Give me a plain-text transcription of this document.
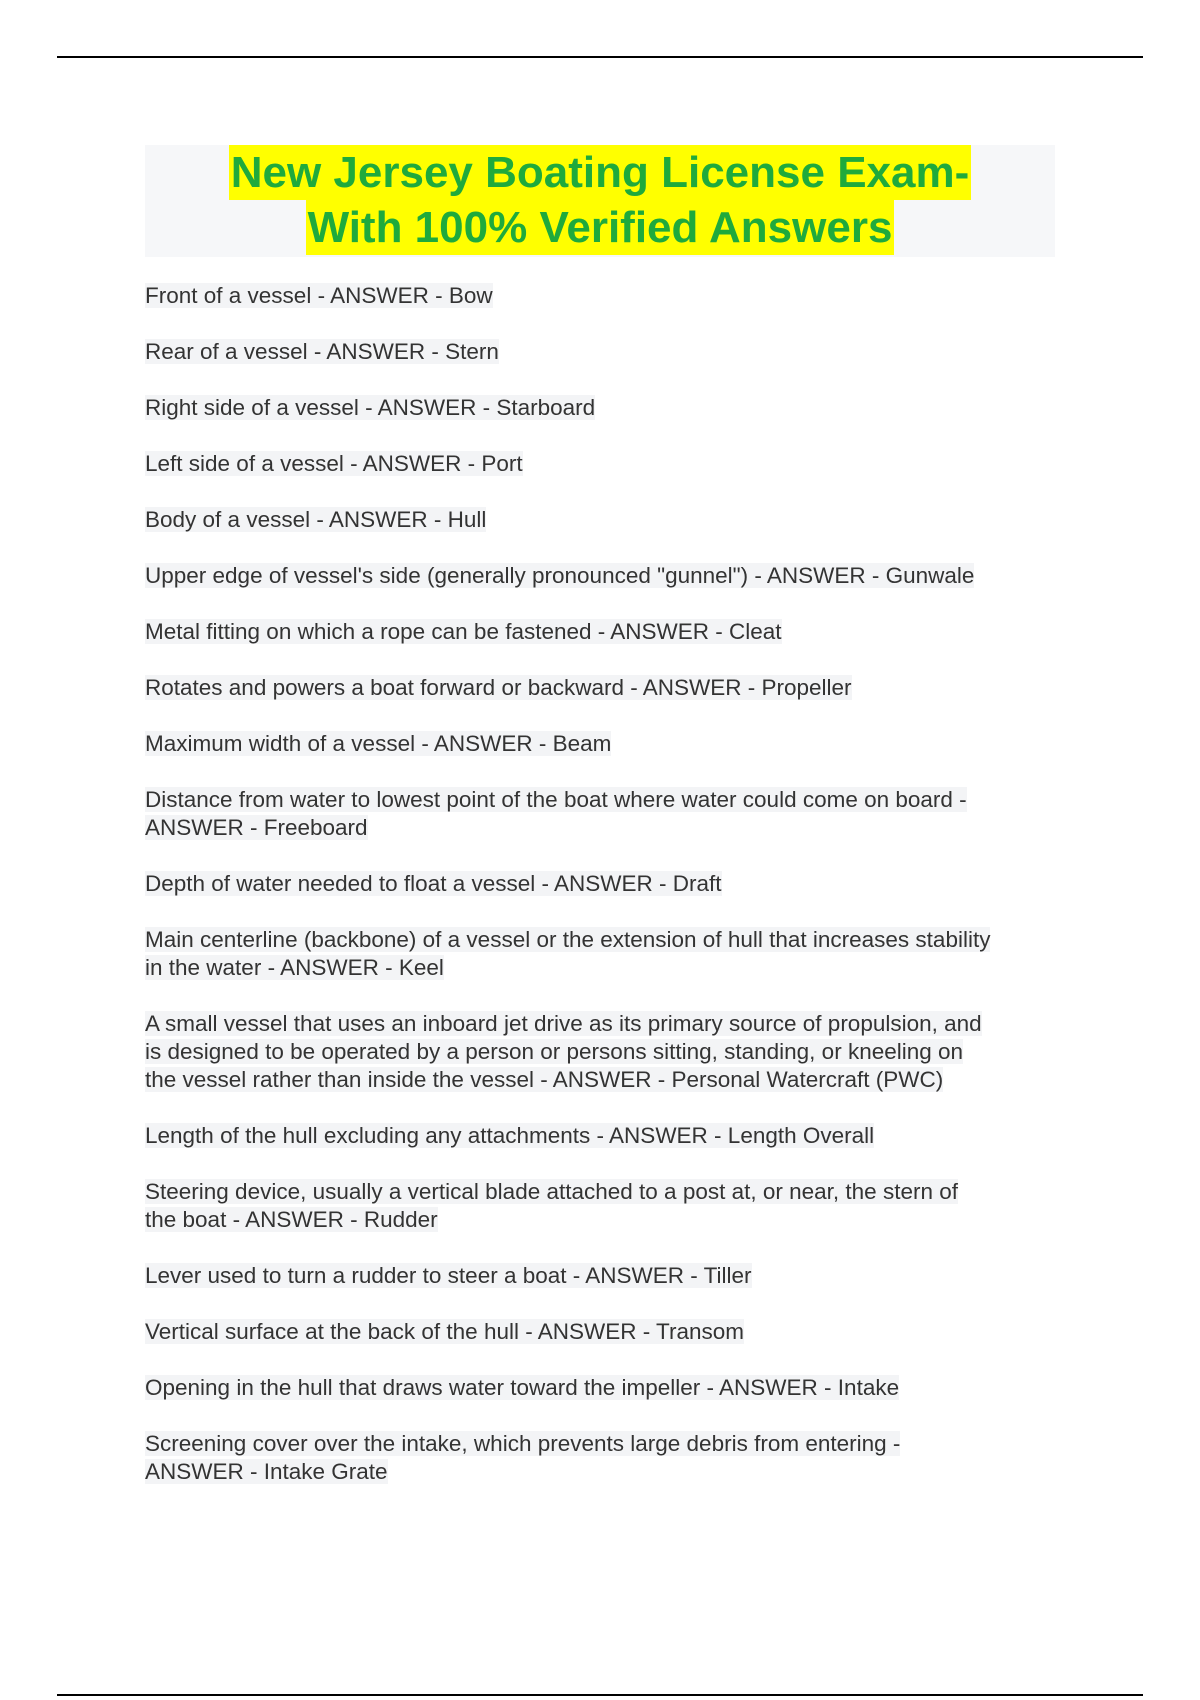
New Jersey Boating License Exam-
With 100% Verified Answers
Front of a vessel - ANSWER - Bow
Rear of a vessel - ANSWER - Stern
Right side of a vessel - ANSWER - Starboard
Left side of a vessel - ANSWER - Port
Body of a vessel - ANSWER - Hull
Upper edge of vessel's side (generally pronounced "gunnel") - ANSWER - Gunwale
Metal fitting on which a rope can be fastened - ANSWER - Cleat
Rotates and powers a boat forward or backward - ANSWER - Propeller
Maximum width of a vessel - ANSWER - Beam
Distance from water to lowest point of the boat where water could come on board -
ANSWER - Freeboard
Depth of water needed to float a vessel - ANSWER - Draft
Main centerline (backbone) of a vessel or the extension of hull that increases stability
in the water - ANSWER - Keel
A small vessel that uses an inboard jet drive as its primary source of propulsion, and
is designed to be operated by a person or persons sitting, standing, or kneeling on
the vessel rather than inside the vessel - ANSWER - Personal Watercraft (PWC)
Length of the hull excluding any attachments - ANSWER - Length Overall
Steering device, usually a vertical blade attached to a post at, or near, the stern of
the boat - ANSWER - Rudder
Lever used to turn a rudder to steer a boat - ANSWER - Tiller
Vertical surface at the back of the hull - ANSWER - Transom
Opening in the hull that draws water toward the impeller - ANSWER - Intake
Screening cover over the intake, which prevents large debris from entering -
ANSWER - Intake Grate
